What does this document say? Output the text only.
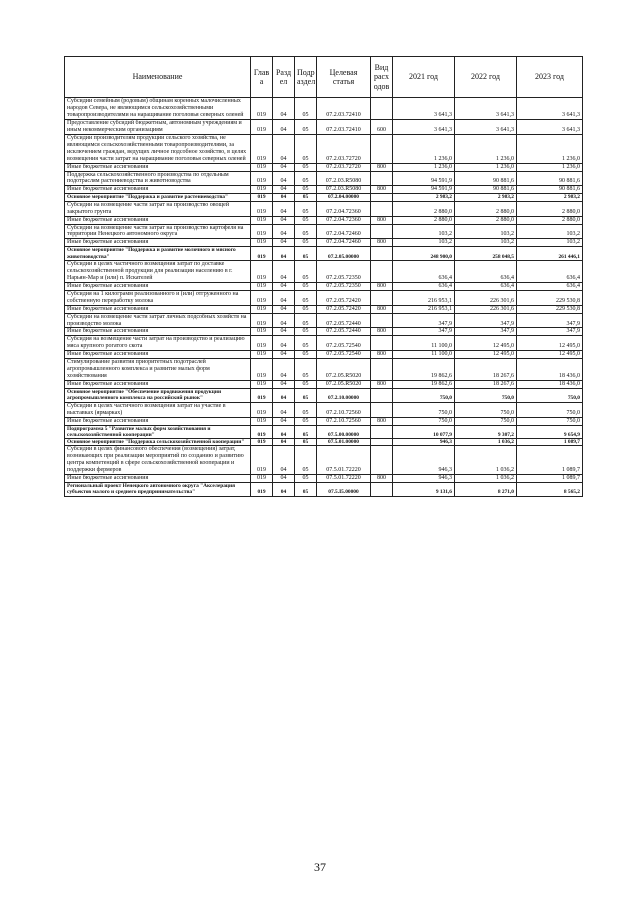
Наименование	Глав а	Разд ел	Подр аздел	Целевая статья	Вид расх одов	2021 год	2022 год	2023 год
Субсидии семейным (родовым) общинам коренных малочисленных народов Севера, не являющимся сельскохозяйственными товаропроизводителями на наращивание поголовья северных оленей	019	04	05	07.2.03.72410		3 641,3	3 641,3	3 641,3
Предоставление субсидий бюджетным, автономным учреждениям и иным некоммерческим организациям	019	04	05	07.2.03.72410	600	3 641,3	3 641,3	3 641,3
Субсидии производителям продукции сельского хозяйства, не являющимся сельскохозяйственными товаропроизводителями, за исключением граждан, ведущих личное подсобное хозяйство, в целях возмещения части затрат на наращивание поголовья северных оленей	019	04	05	07.2.03.72720		1 236,0	1 236,0	1 236,0
Иные бюджетные ассигнования	019	04	05	07.2.03.72720	800	1 236,0	1 236,0	1 236,0
Поддержка сельскохозяйственного производства по отдельным подотраслям растениеводства и животноводства	019	04	05	07.2.03.R5080		94 591,9	90 881,6	90 881,6
Иные бюджетные ассигнования	019	04	05	07.2.03.R5080	800	94 591,9	90 881,6	90 881,6
Основное мероприятие "Поддержка и развитие растениеводства"	019	04	05	07.2.04.00000		2 983,2	2 983,2	2 983,2
Субсидии на возмещение части затрат на производство овощей закрытого грунта	019	04	05	07.2.04.72360		2 880,0	2 880,0	2 880,0
Иные бюджетные ассигнования	019	04	05	07.2.04.72360	800	2 880,0	2 880,0	2 880,0
Субсидии на возмещение части затрат на производство картофеля на территории Ненецкого автономного округа	019	04	05	07.2.04.72460		103,2	103,2	103,2
Иные бюджетные ассигнования	019	04	05	07.2.04.72460	800	103,2	103,2	103,2
Основное мероприятие "Поддержка и развитие молочного и мясного животноводства"	019	04	05	07.2.05.00000		248 900,0	258 048,5	261 446,1
Субсидии в целях частичного возмещения затрат по доставке сельскохозяйственной продукции для реализации населению в г. Нарьян-Мар и (или) п. Искателей	019	04	05	07.2.05.72350		636,4	636,4	636,4
Иные бюджетные ассигнования	019	04	05	07.2.05.72350	800	636,4	636,4	636,4
Субсидия на 1 килограмм реализованного и (или) отгруженного на собственную переработку молока	019	04	05	07.2.05.72420		216 953,1	226 301,6	229 530,8
Иные бюджетные ассигнования	019	04	05	07.2.05.72420	800	216 953,1	226 301,6	229 530,8
Субсидии на возмещение части затрат личных подсобных хозяйств на производство молока	019	04	05	07.2.05.72440		347,9	347,9	347,9
Иные бюджетные ассигнования	019	04	05	07.2.05.72440	800	347,9	347,9	347,9
Субсидия на возмещение части затрат на производство и реализацию мяса крупного рогатого скота	019	04	05	07.2.05.72540		11 100,0	12 495,0	12 495,0
Иные бюджетные ассигнования	019	04	05	07.2.05.72540	800	11 100,0	12 495,0	12 495,0
Стимулирование развития приоритетных подотраслей агропромышленного комплекса и развитие малых форм хозяйствования	019	04	05	07.2.05.R5020		19 862,6	18 267,6	18 436,0
Иные бюджетные ассигнования	019	04	05	07.2.05.R5020	800	19 862,6	18 267,6	18 436,0
Основное мероприятие "Обеспечение продвижения продукции агропромышленного комплекса на российский рынок"	019	04	05	07.2.10.00000		750,0	750,0	750,0
Субсидии в целях частичного возмещения затрат на участие в выставках (ярмарках)	019	04	05	07.2.10.72560		750,0	750,0	750,0
Иные бюджетные ассигнования	019	04	05	07.2.10.72560	800	750,0	750,0	750,0
Подпрограмма 5 "Развитие малых форм хозяйствования и сельскохозяйственной кооперации"	019	04	05	07.5.00.00000		10 077,9	9 307,2	9 654,9
Основное мероприятие "Поддержка сельскохозяйственной кооперации"	019	04	05	07.5.01.00000		946,3	1 036,2	1 089,7
Субсидии в целях финансового обеспечения (возмещения) затрат, возникающих при реализации мероприятий по созданию и развитию центра компетенций в сфере сельскохозяйственной кооперации и поддержки фермеров	019	04	05	07.5.01.72220		946,3	1 036,2	1 089,7
Иные бюджетные ассигнования	019	04	05	07.5.01.72220	800	946,3	1 036,2	1 089,7
Региональный проект Ненецкого автономного округа "Акселерация субъектов малого и среднего предпринимательства"	019	04	05	07.5.I5.00000		9 131,6	8 271,0	8 565,2
37
